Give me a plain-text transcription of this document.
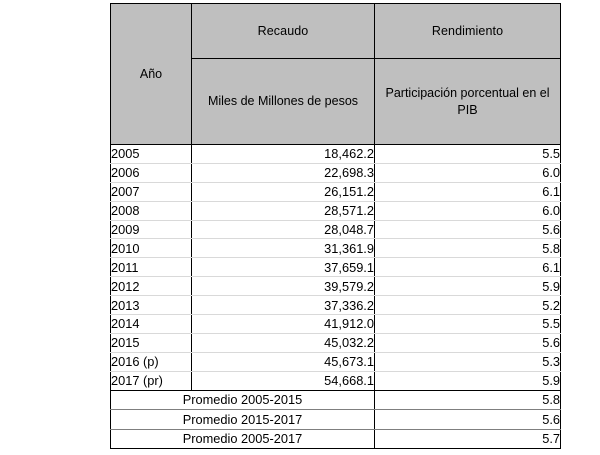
Año	Recaudo	Rendimiento
	Miles de Millones de pesos	Participación porcentual en el PIB
2005	18,462.2	5.5
2006	22,698.3	6.0
2007	26,151.2	6.1
2008	28,571.2	6.0
2009	28,048.7	5.6
2010	31,361.9	5.8
2011	37,659.1	6.1
2012	39,579.2	5.9
2013	37,336.2	5.2
2014	41,912.0	5.5
2015	45,032.2	5.6
2016 (p)	45,673.1	5.3
2017 (pr)	54,668.1	5.9
Promedio 2005-2015		5.8
Promedio 2015-2017		5.6
Promedio 2005-2017		5.7
